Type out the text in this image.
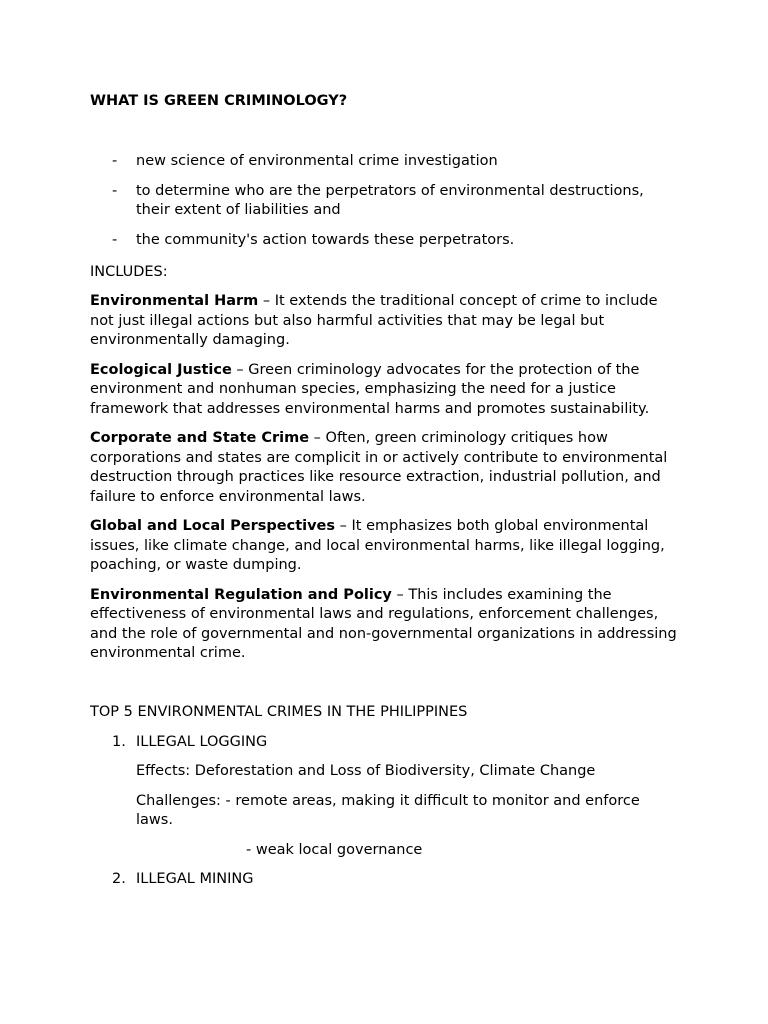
WHAT IS GREEN CRIMINOLOGY?

- new science of environmental crime investigation
- to determine who are the perpetrators of environmental destructions, their extent of liabilities and
- the community's action towards these perpetrators.
INCLUDES:

Environmental Harm – It extends the traditional concept of crime to include not just illegal actions but also harmful activities that may be legal but environmentally damaging.

Ecological Justice – Green criminology advocates for the protection of the environment and nonhuman species, emphasizing the need for a justice framework that addresses environmental harms and promotes sustainability.

Corporate and State Crime – Often, green criminology critiques how corporations and states are complicit in or actively contribute to environmental destruction through practices like resource extraction, industrial pollution, and failure to enforce environmental laws.

Global and Local Perspectives – It emphasizes both global environmental issues, like climate change, and local environmental harms, like illegal logging, poaching, or waste dumping.

Environmental Regulation and Policy – This includes examining the effectiveness of environmental laws and regulations, enforcement challenges, and the role of governmental and non-governmental organizations in addressing environmental crime.

TOP 5 ENVIRONMENTAL CRIMES IN THE PHILIPPINES
1. ILLEGAL LOGGING
Effects: Deforestation and Loss of Biodiversity, Climate Change
Challenges: - remote areas, making it difficult to monitor and enforce laws.
- weak local governance
2. ILLEGAL MINING
